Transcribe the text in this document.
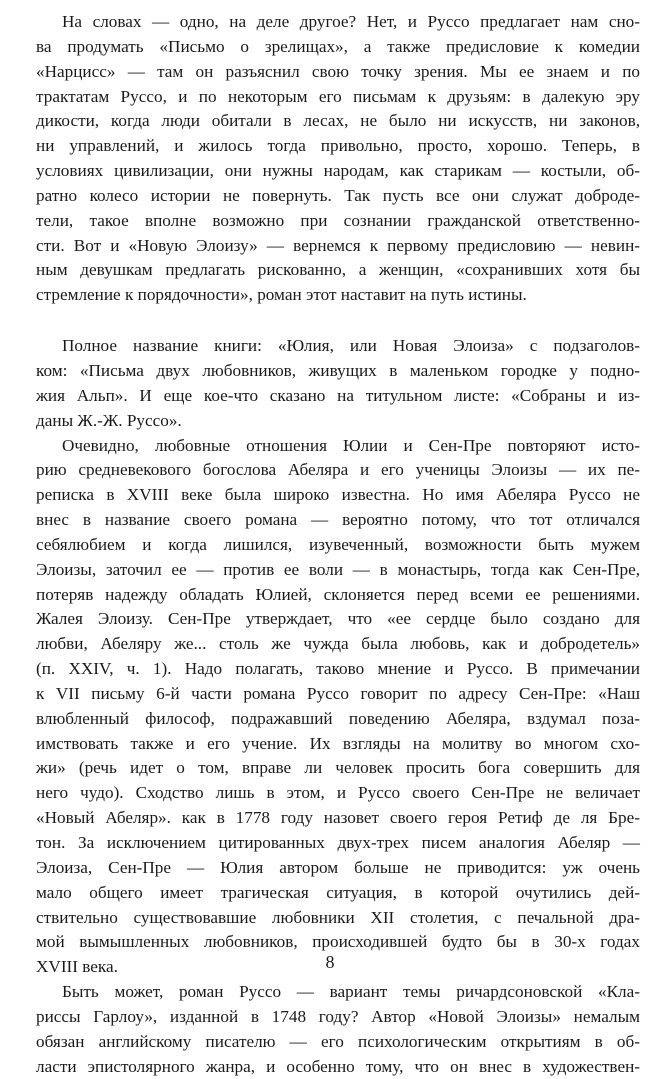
На словах — одно, на деле другое? Нет, и Руссо предлагает нам сно-
ва продумать «Письмо о зрелищах», а также предисловие к комедии
«Нарцисс» — там он разъяснил свою точку зрения. Мы ее знаем и по
трактатам Руссо, и по некоторым его письмам к друзьям: в далекую эру
дикости, когда люди обитали в лесах, не было ни искусств, ни законов,
ни управлений, и жилось тогда привольно, просто, хорошо. Теперь, в
условиях цивилизации, они нужны народам, как старикам — костыли, об-
ратно колесо истории не повернуть. Так пусть все они служат доброде-
тели, такое вполне возможно при сознании гражданской ответственно-
сти. Вот и «Новую Элоизу» — вернемся к первому предисловию — невин-
ным девушкам предлагать рискованно, а женщин, «сохранивших хотя бы
стремление к порядочности», роман этот наставит на путь истины.
Полное название книги: «Юлия, или Новая Элоиза» с подзаголов-
ком: «Письма двух любовников, живущих в маленьком городке у подно-
жия Альп». И еще кое-что сказано на титульном листе: «Собраны и из-
даны Ж.-Ж. Руссо».
Очевидно, любовные отношения Юлии и Сен-Пре повторяют исто-
рию средневекового богослова Абеляра и его ученицы Элоизы — их пе-
реписка в XVIII веке была широко известна. Но имя Абеляра Руссо не
внес в название своего романа — вероятно потому, что тот отличался
себялюбием и когда лишился, изувеченный, возможности быть мужем
Элоизы, заточил ее — против ее воли — в монастырь, тогда как Сен-Пре,
потеряв надежду обладать Юлией, склоняется перед всеми ее решениями.
Жалея Элоизу. Сен-Пре утверждает, что «ее сердце было создано для
любви, Абеляру же... столь же чужда была любовь, как и добродетель»
(п. XXIV, ч. 1). Надо полагать, таково мнение и Руссо. В примечании
к VII письму 6-й части романа Руссо говорит по адресу Сен-Пре: «Наш
влюбленный философ, подражавший поведению Абеляра, вздумал поза-
имствовать также и его учение. Их взгляды на молитву во многом схо-
жи» (речь идет о том, вправе ли человек просить бога совершить для
него чудо). Сходство лишь в этом, и Руссо своего Сен-Пре не величает
«Новый Абеляр». как в 1778 году назовет своего героя Ретиф де ля Бре-
тон. За исключением цитированных двух-трех писем аналогия Абеляр —
Элоиза, Сен-Пре — Юлия автором больше не приводится: уж очень
мало общего имеет трагическая ситуация, в которой очутились дей-
ствительно существовавшие любовники XII столетия, с печальной дра-
мой вымышленных любовников, происходившей будто бы в 30-х годах
XVIII века.
Быть может, роман Руссо — вариант темы ричардсоновской «Кла-
риссы Гарлоу», изданной в 1748 году? Автор «Новой Элоизы» немалым
обязан английскому писателю — его психологическим открытиям в об-
ласти эпистолярного жанра, и особенно тому, что он внес в художествен-
8
